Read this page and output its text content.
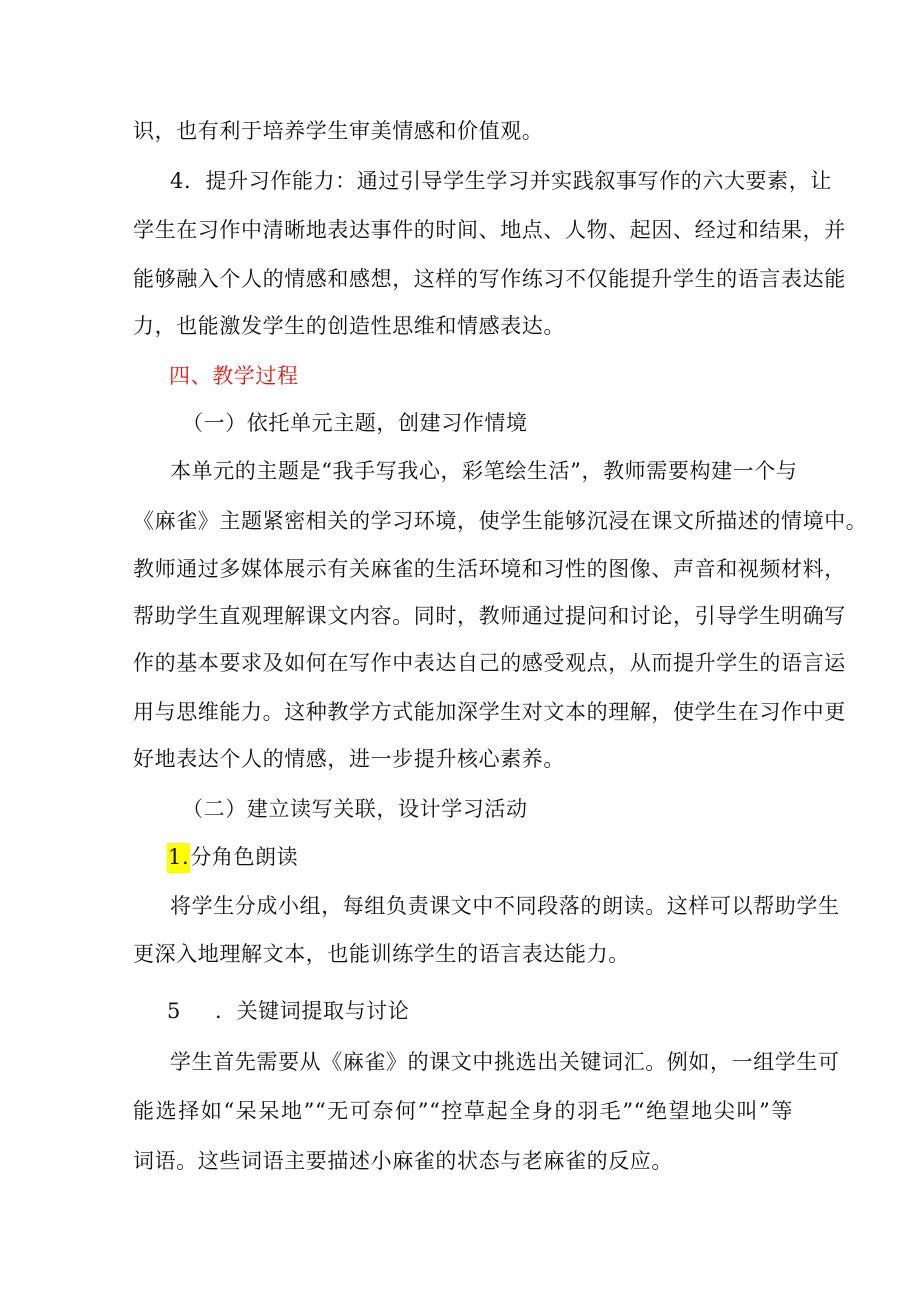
识，也有利于培养学生审美情感和价值观。
4．提升习作能力：通过引导学生学习并实践叙事写作的六大要素，让
学生在习作中清晰地表达事件的时间、地点、人物、起因、经过和结果，并
能够融入个人的情感和感想，这样的写作练习不仅能提升学生的语言表达能
力，也能激发学生的创造性思维和情感表达。
四、教学过程
（一）依托单元主题，创建习作情境
本单元的主题是“我手写我心，彩笔绘生活”，教师需要构建一个与
《麻雀》主题紧密相关的学习环境，使学生能够沉浸在课文所描述的情境中。
教师通过多媒体展示有关麻雀的生活环境和习性的图像、声音和视频材料，
帮助学生直观理解课文内容。同时，教师通过提问和讨论，引导学生明确写
作的基本要求及如何在写作中表达自己的感受观点，从而提升学生的语言运
用与思维能力。这种教学方式能加深学生对文本的理解，使学生在习作中更
好地表达个人的情感，进一步提升核心素养。
（二）建立读写关联，设计学习活动
1.分角色朗读
将学生分成小组，每组负责课文中不同段落的朗读。这样可以帮助学生
更深入地理解文本，也能训练学生的语言表达能力。
5 ．关键词提取与讨论
学生首先需要从《麻雀》的课文中挑选出关键词汇。例如，一组学生可
能选择如“呆呆地”“无可奈何”“控草起全身的羽毛”“绝望地尖叫”等
词语。这些词语主要描述小麻雀的状态与老麻雀的反应。
